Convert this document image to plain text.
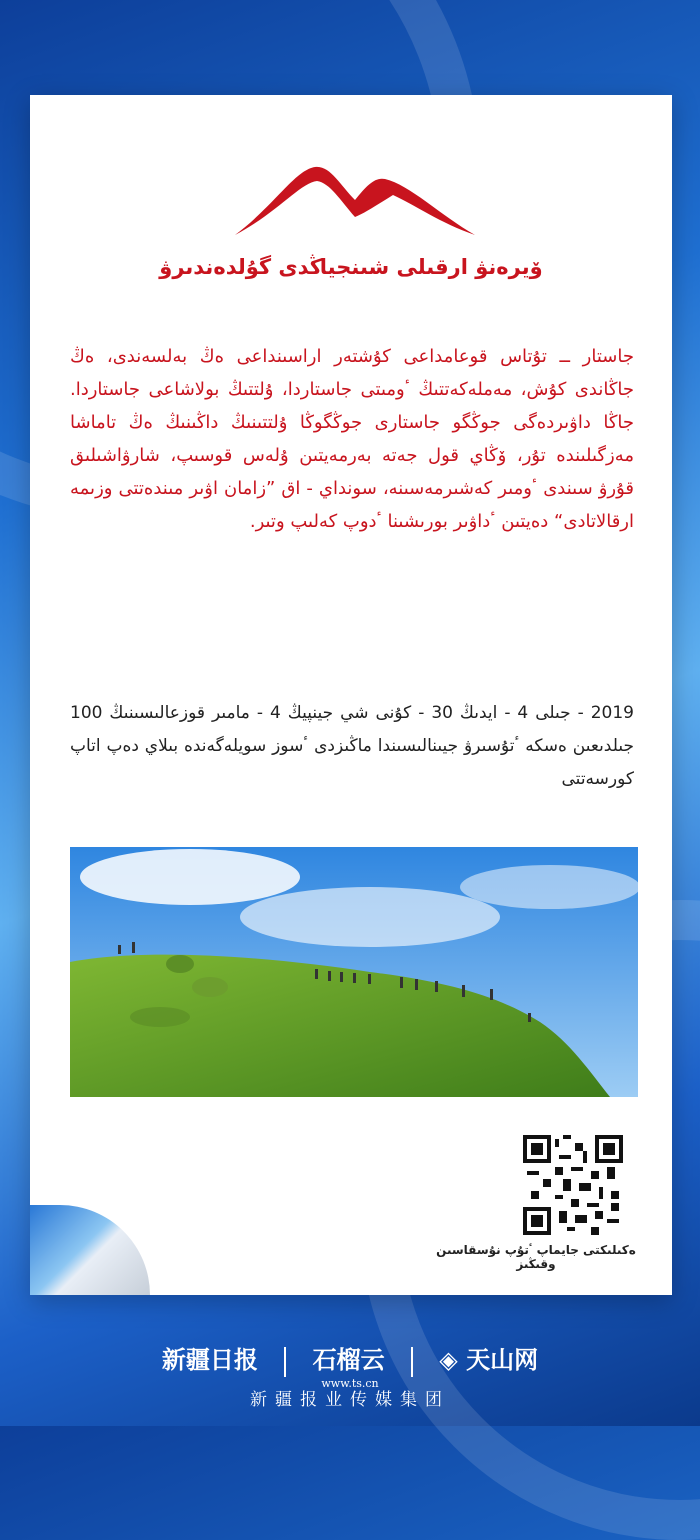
ۆيرەنۋ ارقىلى شىنجياڭدى گۇلدەندىرۋ
جاستار ــ تۇتاس قوعامداعى كۇشتەر اراسىنداعى ەڭ بەلسەندى، ەڭ جاڭاندى كۇش، مەملەكەتتىڭ ٴومىتى جاستاردا، ۇلتتىڭ بولاشاعى جاستاردا. جاڭا داۋىردەگى جوڭگو جاستارى جوڭگوڭا ۇلتتىنىڭ داڭىنىڭ ەڭ تاماشا مەزگىلىندە تۇر، ۆڭاي قول جەتە بەرمەيتىن ۇلەس قوسىپ، شارۋاشىلىق قۇرۋ سىندى ٴومىر كەشىرمەسىنە، سونداي - اق ”زامان اۋىر مىندەتتى وزىمە ارقالاتادى“ دەيتىن ٴداۋىر بورىشىنا ٴدوپ كەلىپ وتىر.
2019 - جىلى 4 - ايدىڭ 30 - كۇنى شي جينپيڭ 4 - مامىر قوزعالىسىنىڭ 100 جىلدىعىن ەسكە ٴتۇسىرۋ جيىنالىسىندا ماڭىزدى ٴسوز سويلەگەندە بىلاي دەپ اتاپ كورسەتتى
ەكىلىكتى جايماپ ٴتۇپ نۇسقاسىن وقىڭىز
新疆日报 石榴云 ◈ 天山网
www.ts.cn
新疆报业传媒集团
